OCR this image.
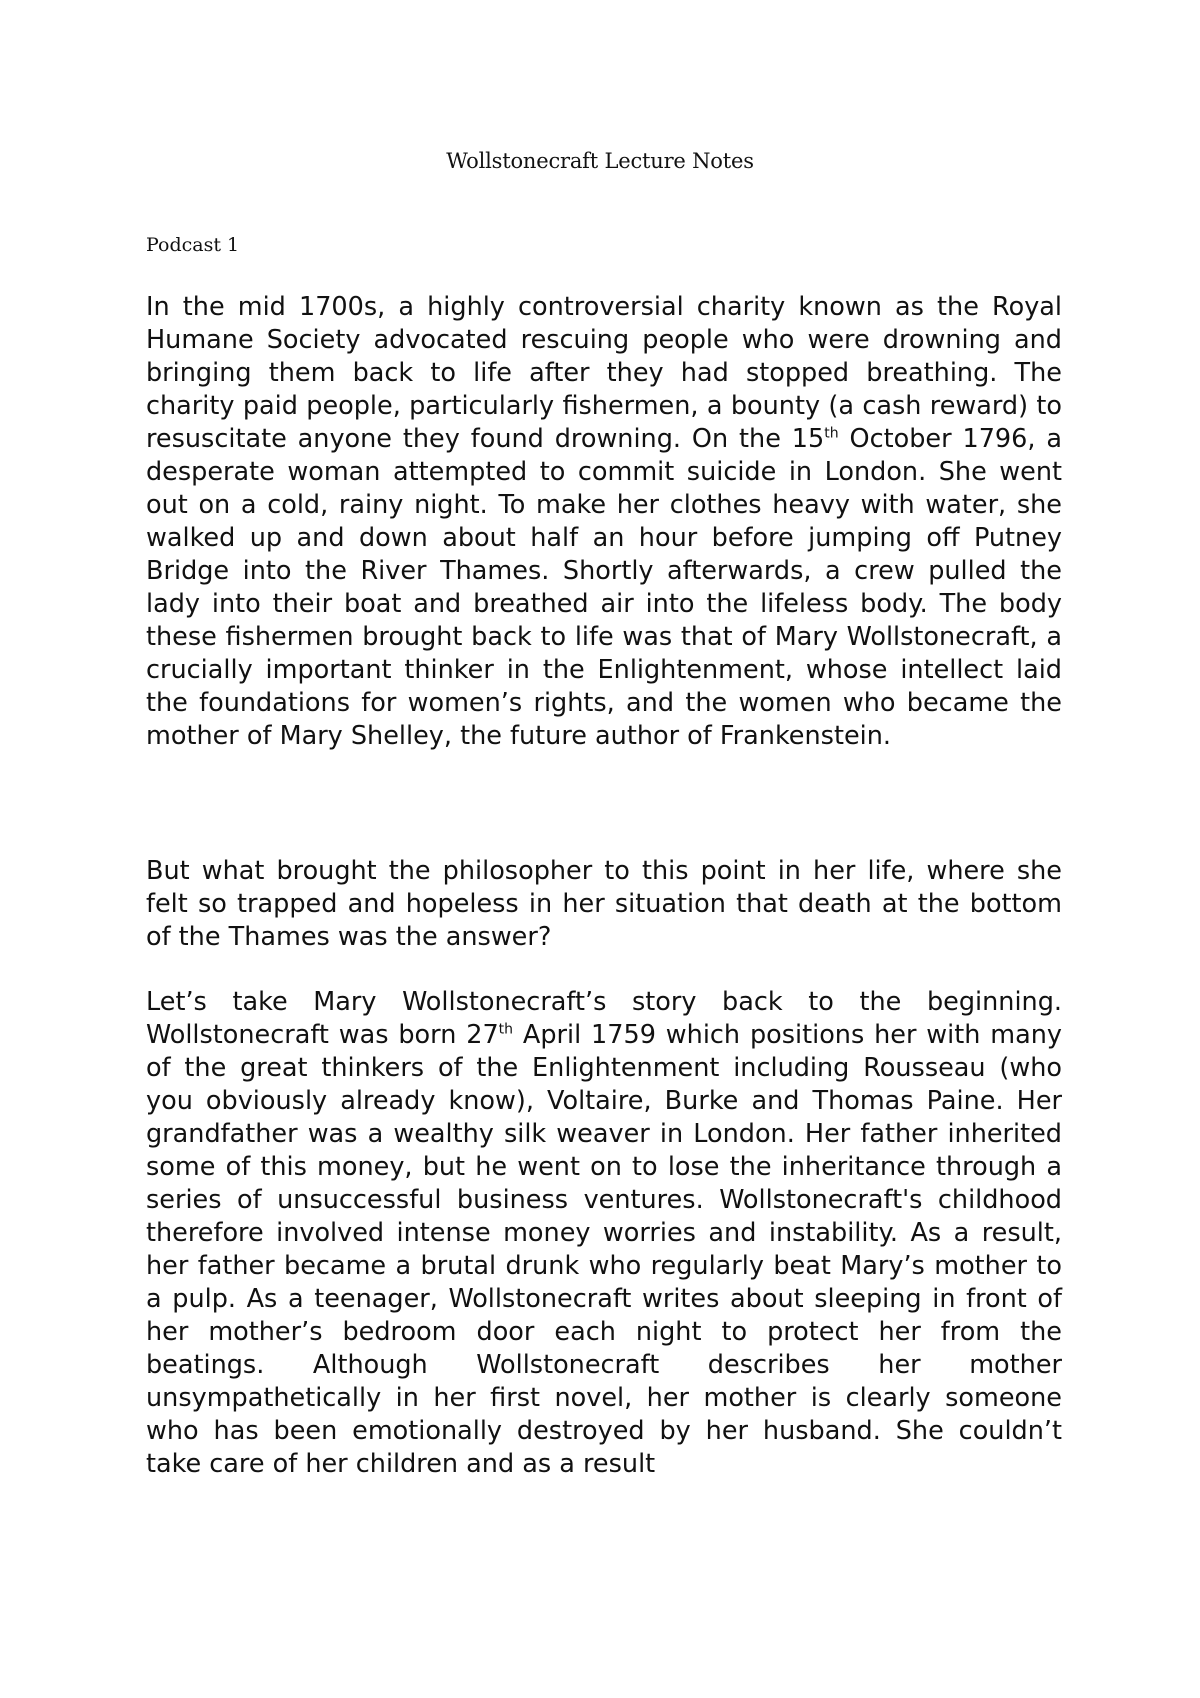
Wollstonecraft Lecture Notes
Podcast 1

In the mid 1700s, a highly controversial charity known as the Royal Humane Society advocated rescuing people who were drowning and bringing them back to life after they had stopped breathing. The charity paid people, particularly fishermen, a bounty (a cash reward) to resuscitate anyone they found drowning. On the 15th October 1796, a desperate woman attempted to commit suicide in London. She went out on a cold, rainy night. To make her clothes heavy with water, she walked up and down about half an hour before jumping off Putney Bridge into the River Thames. Shortly afterwards, a crew pulled the lady into their boat and breathed air into the lifeless body. The body these fishermen brought back to life was that of Mary Wollstonecraft, a crucially important thinker in the Enlightenment, whose intellect laid the foundations for women’s rights, and the women who became the mother of Mary Shelley, the future author of Frankenstein.

But what brought the philosopher to this point in her life, where she felt so trapped and hopeless in her situation that death at the bottom of the Thames was the answer?

Let’s take Mary Wollstonecraft’s story back to the beginning. Wollstonecraft was born 27th April 1759 which positions her with many of the great thinkers of the Enlightenment including Rousseau (who you obviously already know), Voltaire, Burke and Thomas Paine. Her grandfather was a wealthy silk weaver in London. Her father inherited some of this money, but he went on to lose the inheritance through a series of unsuccessful business ventures. Wollstonecraft's childhood therefore involved intense money worries and instability. As a result, her father became a brutal drunk who regularly beat Mary’s mother to a pulp. As a teenager, Wollstonecraft writes about sleeping in front of her mother’s bedroom door each night to protect her from the beatings. Although Wollstonecraft describes her mother unsympathetically in her first novel, her mother is clearly someone who has been emotionally destroyed by her husband. She couldn’t take care of her children and as a result
